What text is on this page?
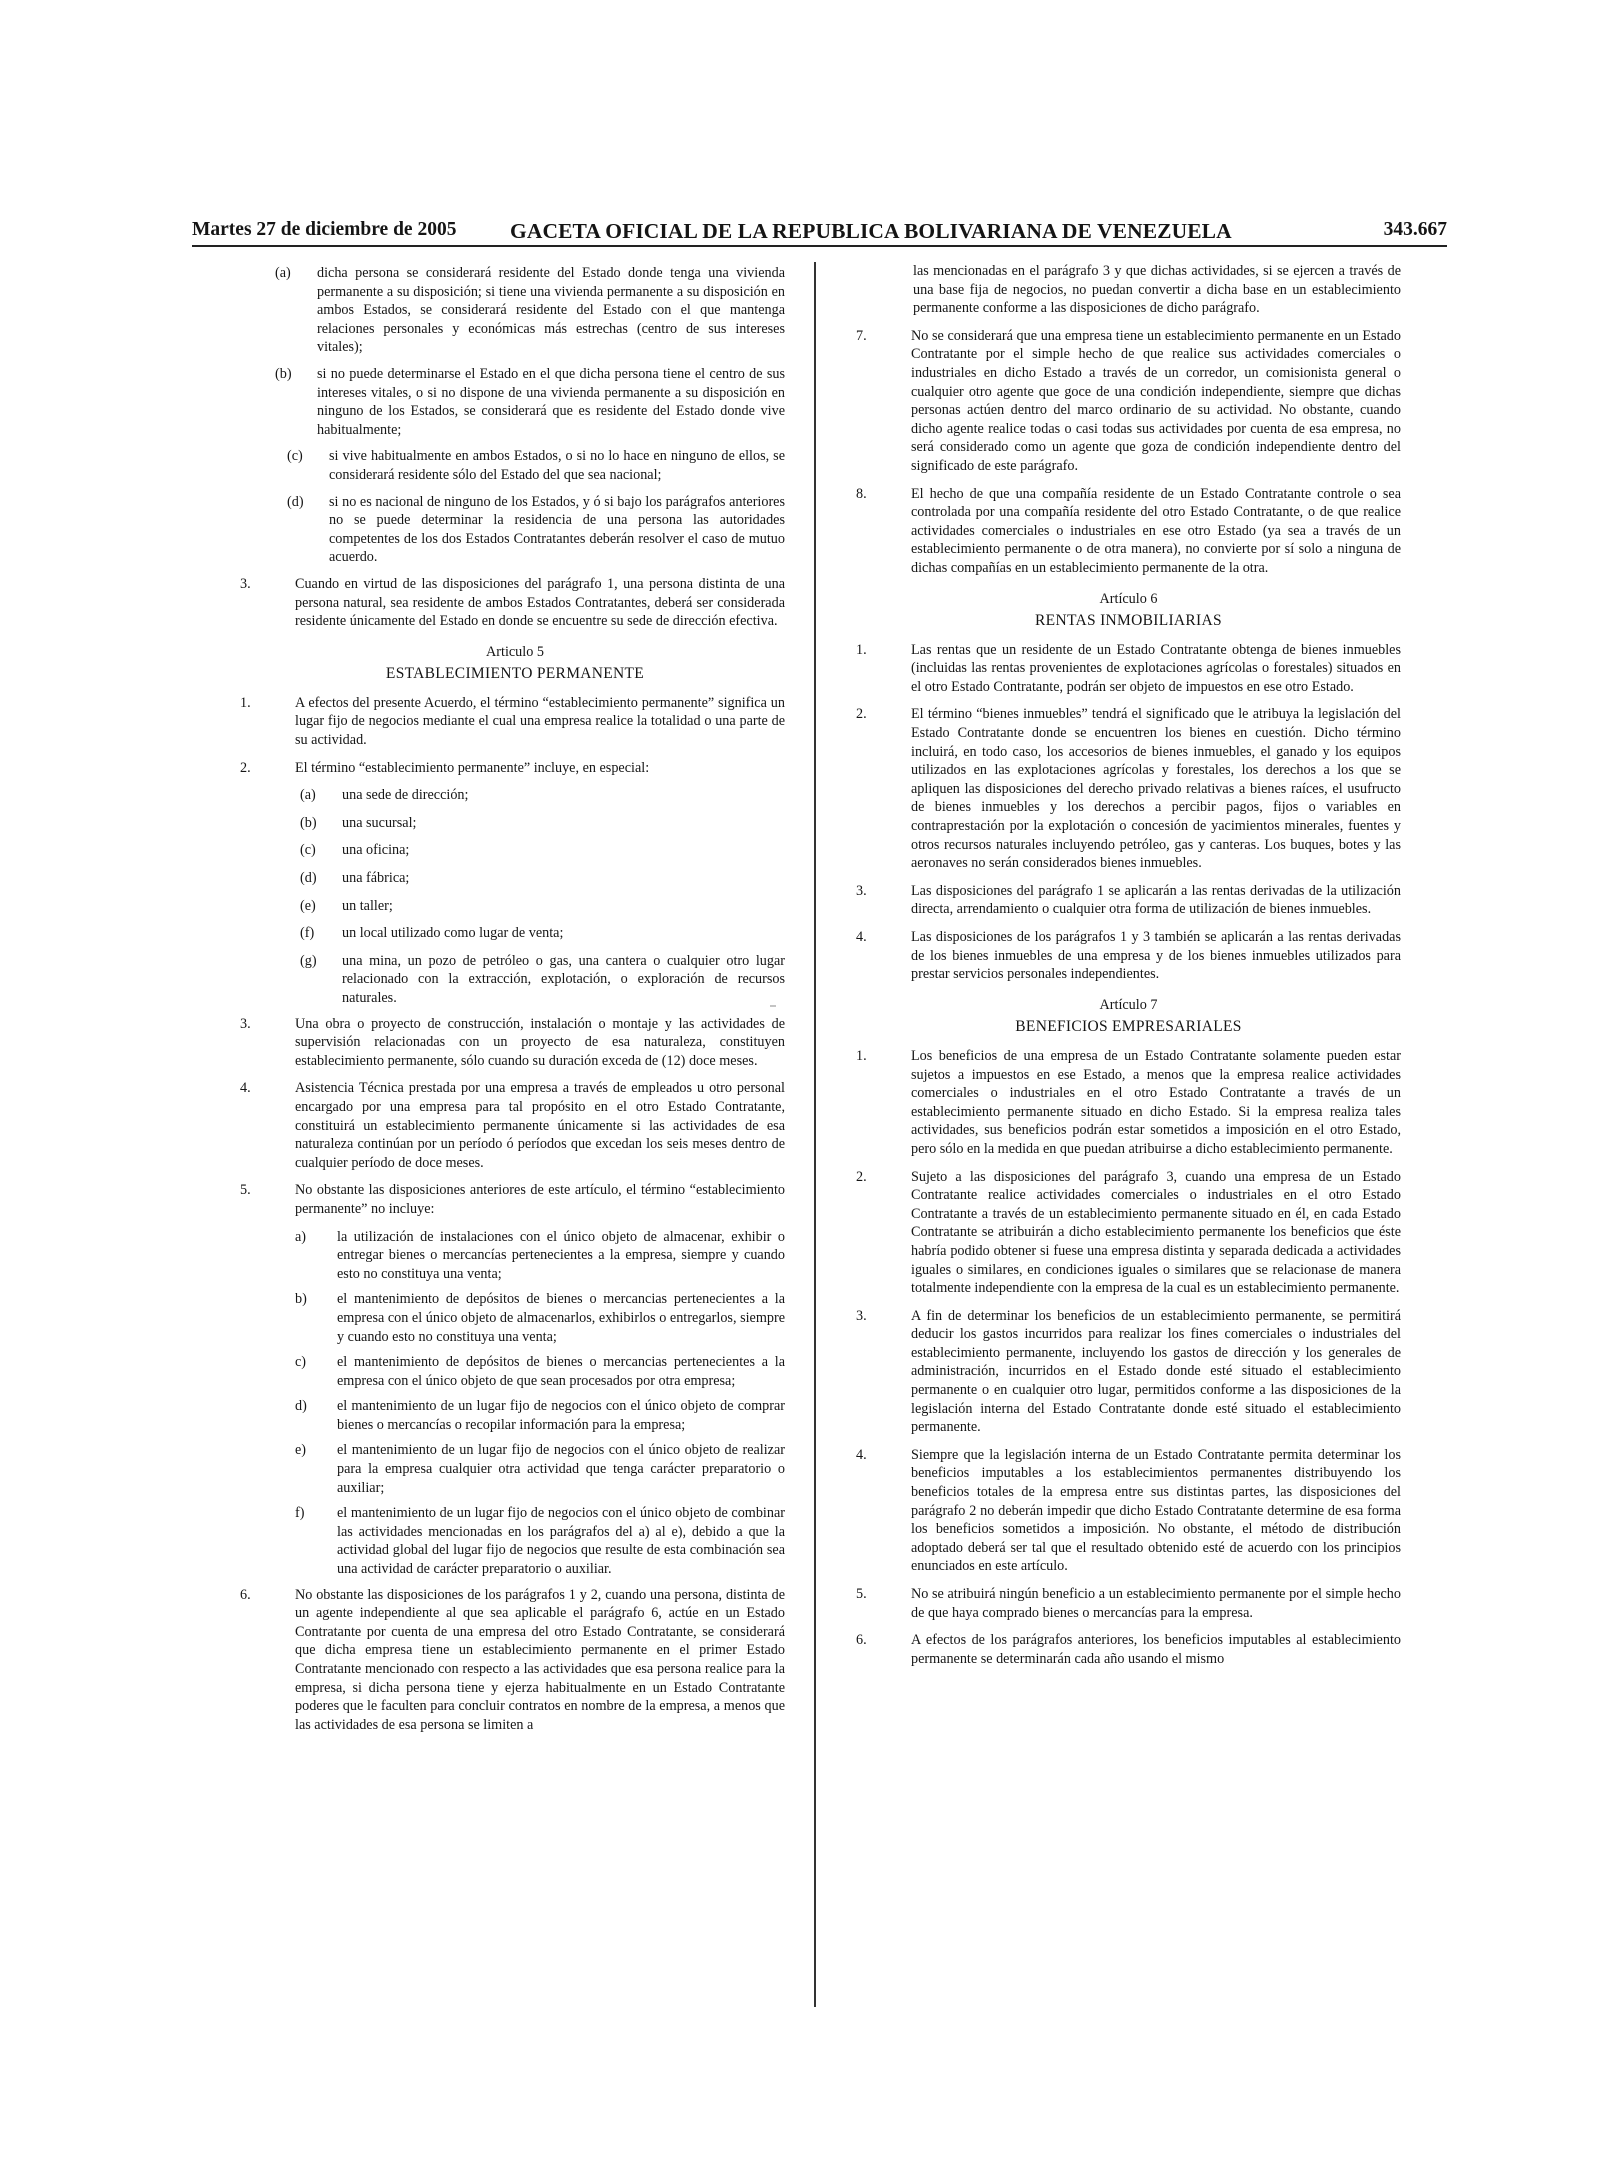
Martes 27 de diciembre de 2005 GACETA OFICIAL DE LA REPUBLICA BOLIVARIANA DE VENEZUELA	343.667
(a) dicha persona se considerará residente del Estado donde tenga una vivienda permanente a su disposición; si tiene una vivienda permanente a su disposición en ambos Estados, se considerará residente del Estado con el que mantenga relaciones personales y económicas más estrechas (centro de sus intereses vitales);
(b) si no puede determinarse el Estado en el que dicha persona tiene el centro de sus intereses vitales, o si no dispone de una vivienda permanente a su disposición en ninguno de los Estados, se considerará que es residente del Estado donde vive habitualmente;
(c) si vive habitualmente en ambos Estados, o si no lo hace en ninguno de ellos, se considerará residente sólo del Estado del que sea nacional;
(d) si no es nacional de ninguno de los Estados, y ó si bajo los parágrafos anteriores no se puede determinar la residencia de una persona las autoridades competentes de los dos Estados Contratantes deberán resolver el caso de mutuo acuerdo.
3.	Cuando en virtud de las disposiciones del parágrafo 1, una persona distinta de una persona natural, sea residente de ambos Estados Contratantes, deberá ser considerada residente únicamente del Estado en donde se encuentre su sede de dirección efectiva.
Articulo 5
ESTABLECIMIENTO PERMANENTE
1.	A efectos del presente Acuerdo, el término “establecimiento permanente” significa un lugar fijo de negocios mediante el cual una empresa realice la totalidad o una parte de su actividad.
2.	El término “establecimiento permanente” incluye, en especial:
(a) una sede de dirección;
(b) una sucursal;
(c) una oficina;
(d) una fábrica;
(e) un taller;
(f) un local utilizado como lugar de venta;
(g) una mina, un pozo de petróleo o gas, una cantera o cualquier otro lugar relacionado con la extracción, explotación, o exploración de recursos naturales.
3.	Una obra o proyecto de construcción, instalación o montaje y las actividades de supervisión relacionadas con un proyecto de esa naturaleza, constituyen establecimiento permanente, sólo cuando su duración exceda de (12) doce meses.
4.	Asistencia Técnica prestada por una empresa a través de empleados u otro personal encargado por una empresa para tal propósito en el otro Estado Contratante, constituirá un establecimiento permanente únicamente si las actividades de esa naturaleza continúan por un período ó períodos que excedan los seis meses dentro de cualquier período de doce meses.
5.	No obstante las disposiciones anteriores de este artículo, el término “establecimiento permanente” no incluye:
a) la utilización de instalaciones con el único objeto de almacenar, exhibir o entregar bienes o mercancías pertenecientes a la empresa, siempre y cuando esto no constituya una venta;
b) el mantenimiento de depósitos de bienes o mercancias pertenecientes a la empresa con el único objeto de almacenarlos, exhibirlos o entregarlos, siempre y cuando esto no constituya una venta;
c) el mantenimiento de depósitos de bienes o mercancias pertenecientes a la empresa con el único objeto de que sean procesados por otra empresa;
d) el mantenimiento de un lugar fijo de negocios con el único objeto de comprar bienes o mercancías o recopilar información para la empresa;
e) el mantenimiento de un lugar fijo de negocios con el único objeto de realizar para la empresa cualquier otra actividad que tenga carácter preparatorio o auxiliar;
f) el mantenimiento de un lugar fijo de negocios con el único objeto de combinar las actividades mencionadas en los parágrafos del a) al e), debido a que la actividad global del lugar fijo de negocios que resulte de esta combinación sea una actividad de carácter preparatorio o auxiliar.
6.	No obstante las disposiciones de los parágrafos 1 y 2, cuando una persona, distinta de un agente independiente al que sea aplicable el parágrafo 6, actúe en un Estado Contratante por cuenta de una empresa del otro Estado Contratante, se considerará que dicha empresa tiene un establecimiento permanente en el primer Estado Contratante mencionado con respecto a las actividades que esa persona realice para la empresa, si dicha persona tiene y ejerza habitualmente en un Estado Contratante poderes que le faculten para concluir contratos en nombre de la empresa, a menos que las actividades de esa persona se limiten a
las mencionadas en el parágrafo 3 y que dichas actividades, si se ejercen a través de una base fija de negocios, no puedan convertir a dicha base en un establecimiento permanente conforme a las disposiciones de dicho parágrafo.
7.	No se considerará que una empresa tiene un establecimiento permanente en un Estado Contratante por el simple hecho de que realice sus actividades comerciales o industriales en dicho Estado a través de un corredor, un comisionista general o cualquier otro agente que goce de una condición independiente, siempre que dichas personas actúen dentro del marco ordinario de su actividad. No obstante, cuando dicho agente realice todas o casi todas sus actividades por cuenta de esa empresa, no será considerado como un agente que goza de condición independiente dentro del significado de este parágrafo.
8.	El hecho de que una compañía residente de un Estado Contratante controle o sea controlada por una compañía residente del otro Estado Contratante, o de que realice actividades comerciales o industriales en ese otro Estado (ya sea a través de un establecimiento permanente o de otra manera), no convierte por sí solo a ninguna de dichas compañías en un establecimiento permanente de la otra.
Artículo 6
RENTAS INMOBILIARIAS
1.	Las rentas que un residente de un Estado Contratante obtenga de bienes inmuebles (incluidas las rentas provenientes de explotaciones agrícolas o forestales) situados en el otro Estado Contratante, podrán ser objeto de impuestos en ese otro Estado.
2.	El término “bienes inmuebles” tendrá el significado que le atribuya la legislación del Estado Contratante donde se encuentren los bienes en cuestión. Dicho término incluirá, en todo caso, los accesorios de bienes inmuebles, el ganado y los equipos utilizados en las explotaciones agrícolas y forestales, los derechos a los que se apliquen las disposiciones del derecho privado relativas a bienes raíces, el usufructo de bienes inmuebles y los derechos a percibir pagos, fijos o variables en contraprestación por la explotación o concesión de yacimientos minerales, fuentes y otros recursos naturales incluyendo petróleo, gas y canteras. Los buques, botes y las aeronaves no serán considerados bienes inmuebles.
3.	Las disposiciones del parágrafo 1 se aplicarán a las rentas derivadas de la utilización directa, arrendamiento o cualquier otra forma de utilización de bienes inmuebles.
4.	Las disposiciones de los parágrafos 1 y 3 también se aplicarán a las rentas derivadas de los bienes inmuebles de una empresa y de los bienes inmuebles utilizados para prestar servicios personales independientes.
Artículo 7
BENEFICIOS EMPRESARIALES
1.	Los beneficios de una empresa de un Estado Contratante solamente pueden estar sujetos a impuestos en ese Estado, a menos que la empresa realice actividades comerciales o industriales en el otro Estado Contratante a través de un establecimiento permanente situado en dicho Estado. Si la empresa realiza tales actividades, sus beneficios podrán estar sometidos a imposición en el otro Estado, pero sólo en la medida en que puedan atribuirse a dicho establecimiento permanente.
2.	Sujeto a las disposiciones del parágrafo 3, cuando una empresa de un Estado Contratante realice actividades comerciales o industriales en el otro Estado Contratante a través de un establecimiento permanente situado en él, en cada Estado Contratante se atribuirán a dicho establecimiento permanente los beneficios que éste habría podido obtener si fuese una empresa distinta y separada dedicada a actividades iguales o similares, en condiciones iguales o similares que se relacionase de manera totalmente independiente con la empresa de la cual es un establecimiento permanente.
3.	A fin de determinar los beneficios de un establecimiento permanente, se permitirá deducir los gastos incurridos para realizar los fines comerciales o industriales del establecimiento permanente, incluyendo los gastos de dirección y los generales de administración, incurridos en el Estado donde esté situado el establecimiento permanente o en cualquier otro lugar, permitidos conforme a las disposiciones de la legislación interna del Estado Contratante donde esté situado el establecimiento permanente.
4.	Siempre que la legislación interna de un Estado Contratante permita determinar los beneficios imputables a los establecimientos permanentes distribuyendo los beneficios totales de la empresa entre sus distintas partes, las disposiciones del parágrafo 2 no deberán impedir que dicho Estado Contratante determine de esa forma los beneficios sometidos a imposición. No obstante, el método de distribución adoptado deberá ser tal que el resultado obtenido esté de acuerdo con los principios enunciados en este artículo.
5.	No se atribuirá ningún beneficio a un establecimiento permanente por el simple hecho de que haya comprado bienes o mercancías para la empresa.
6.	A efectos de los parágrafos anteriores, los beneficios imputables al establecimiento permanente se determinarán cada año usando el mismo
